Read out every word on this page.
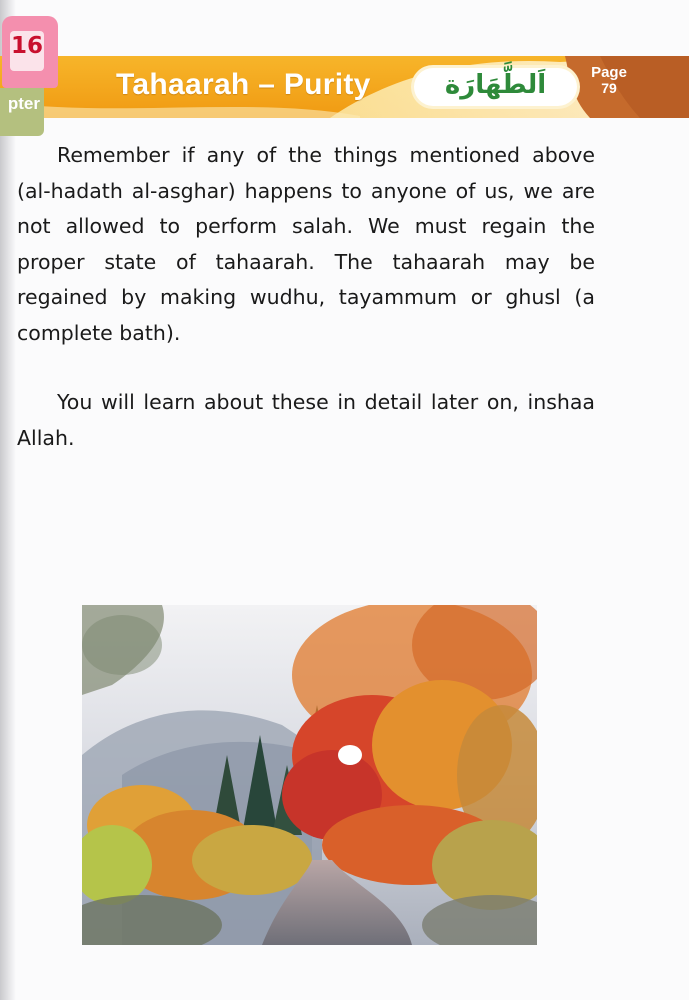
16
pter
Tahaarah – Purity	اَلطَّهَارَة	Page
79

Remember if any of the things mentioned above (al-hadath al-asghar) happens to anyone of us, we are not allowed to perform salah. We must regain the proper state of tahaarah. The tahaarah may be regained by making wudhu, tayammum or ghusl (a complete bath).

You will learn about these in detail later on, inshaa Allah.
